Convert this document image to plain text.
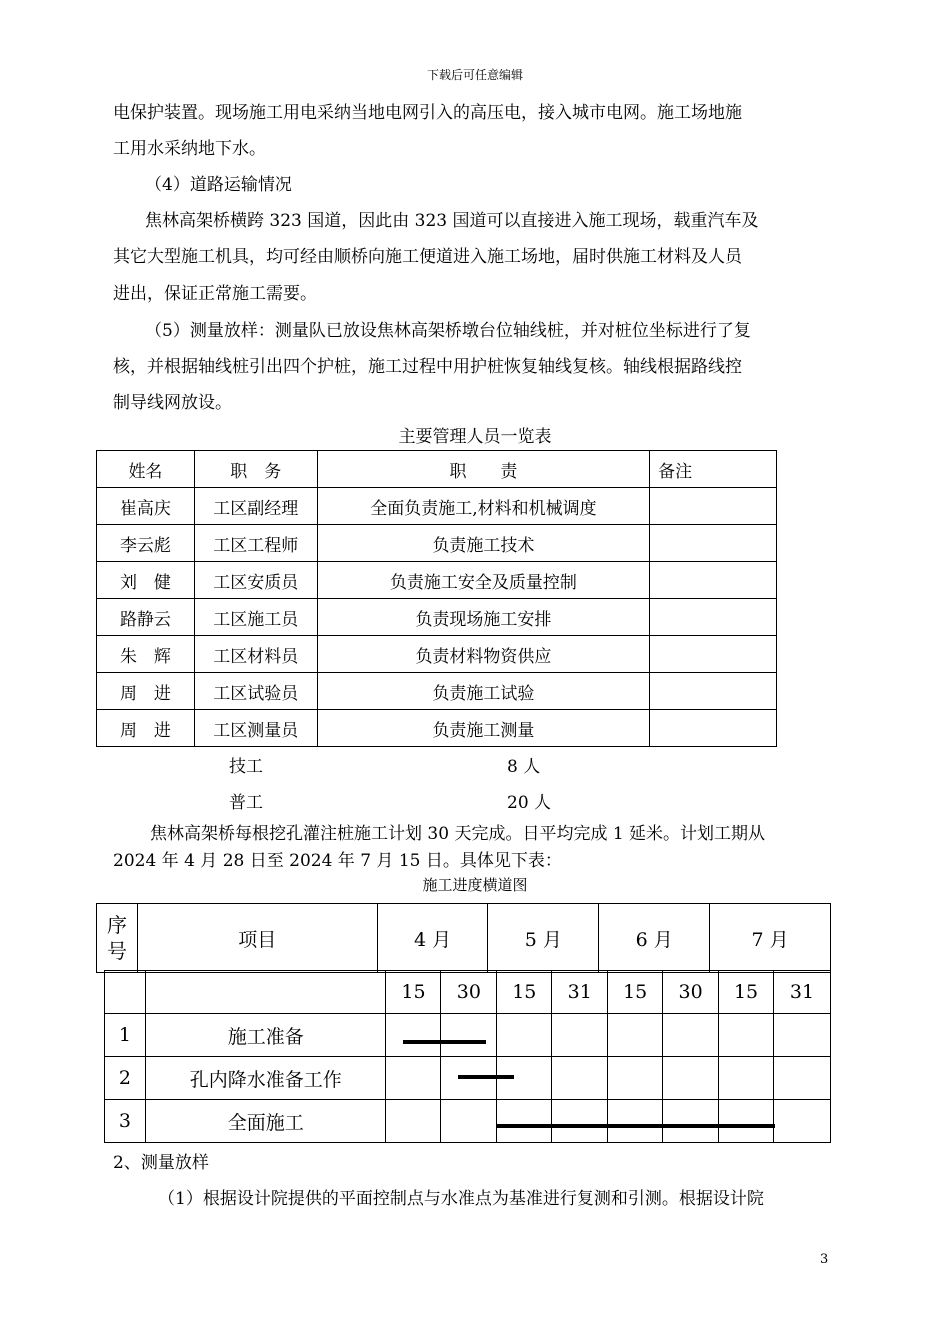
下载后可任意编辑
电保护装置。现场施工用电采纳当地电网引入的高压电，接入城市电网。施工场地施
工用水采纳地下水。
（4）道路运输情况
焦林高架桥横跨 323 国道，因此由 323 国道可以直接进入施工现场，载重汽车及
其它大型施工机具，均可经由顺桥向施工便道进入施工场地，届时供施工材料及人员
进出，保证正常施工需要。
（5）测量放样：测量队已放设焦林高架桥墩台位轴线桩，并对桩位坐标进行了复
核，并根据轴线桩引出四个护桩，施工过程中用护桩恢复轴线复核。轴线根据路线控
制导线网放设。
主要管理人员一览表
姓名	职　务	职　　责	备注
崔高庆	工区副经理	全面负责施工,材料和机械调度	
李云彪	工区工程师	负责施工技术	
刘　健	工区安质员	负责施工安全及质量控制	
路静云	工区施工员	负责现场施工安排	
朱　辉	工区材料员	负责材料物资供应	
周　进	工区试验员	负责施工试验	
周　进	工区测量员	负责施工测量	
技工	8 人
普工	20 人
焦林高架桥每根挖孔灌注桩施工计划 30 天完成。日平均完成 1 延米。计划工期从
2024 年 4 月 28 日至 2024 年 7 月 15 日。具体见下表：
施工进度横道图
序号	项目	4 月	5 月	6 月	7 月
		15	30	15	31	15	30	15	31
1	施工准备								
2	孔内降水准备工作								
3	全面施工								
2、测量放样
（1）根据设计院提供的平面控制点与水准点为基准进行复测和引测。根据设计院
3
